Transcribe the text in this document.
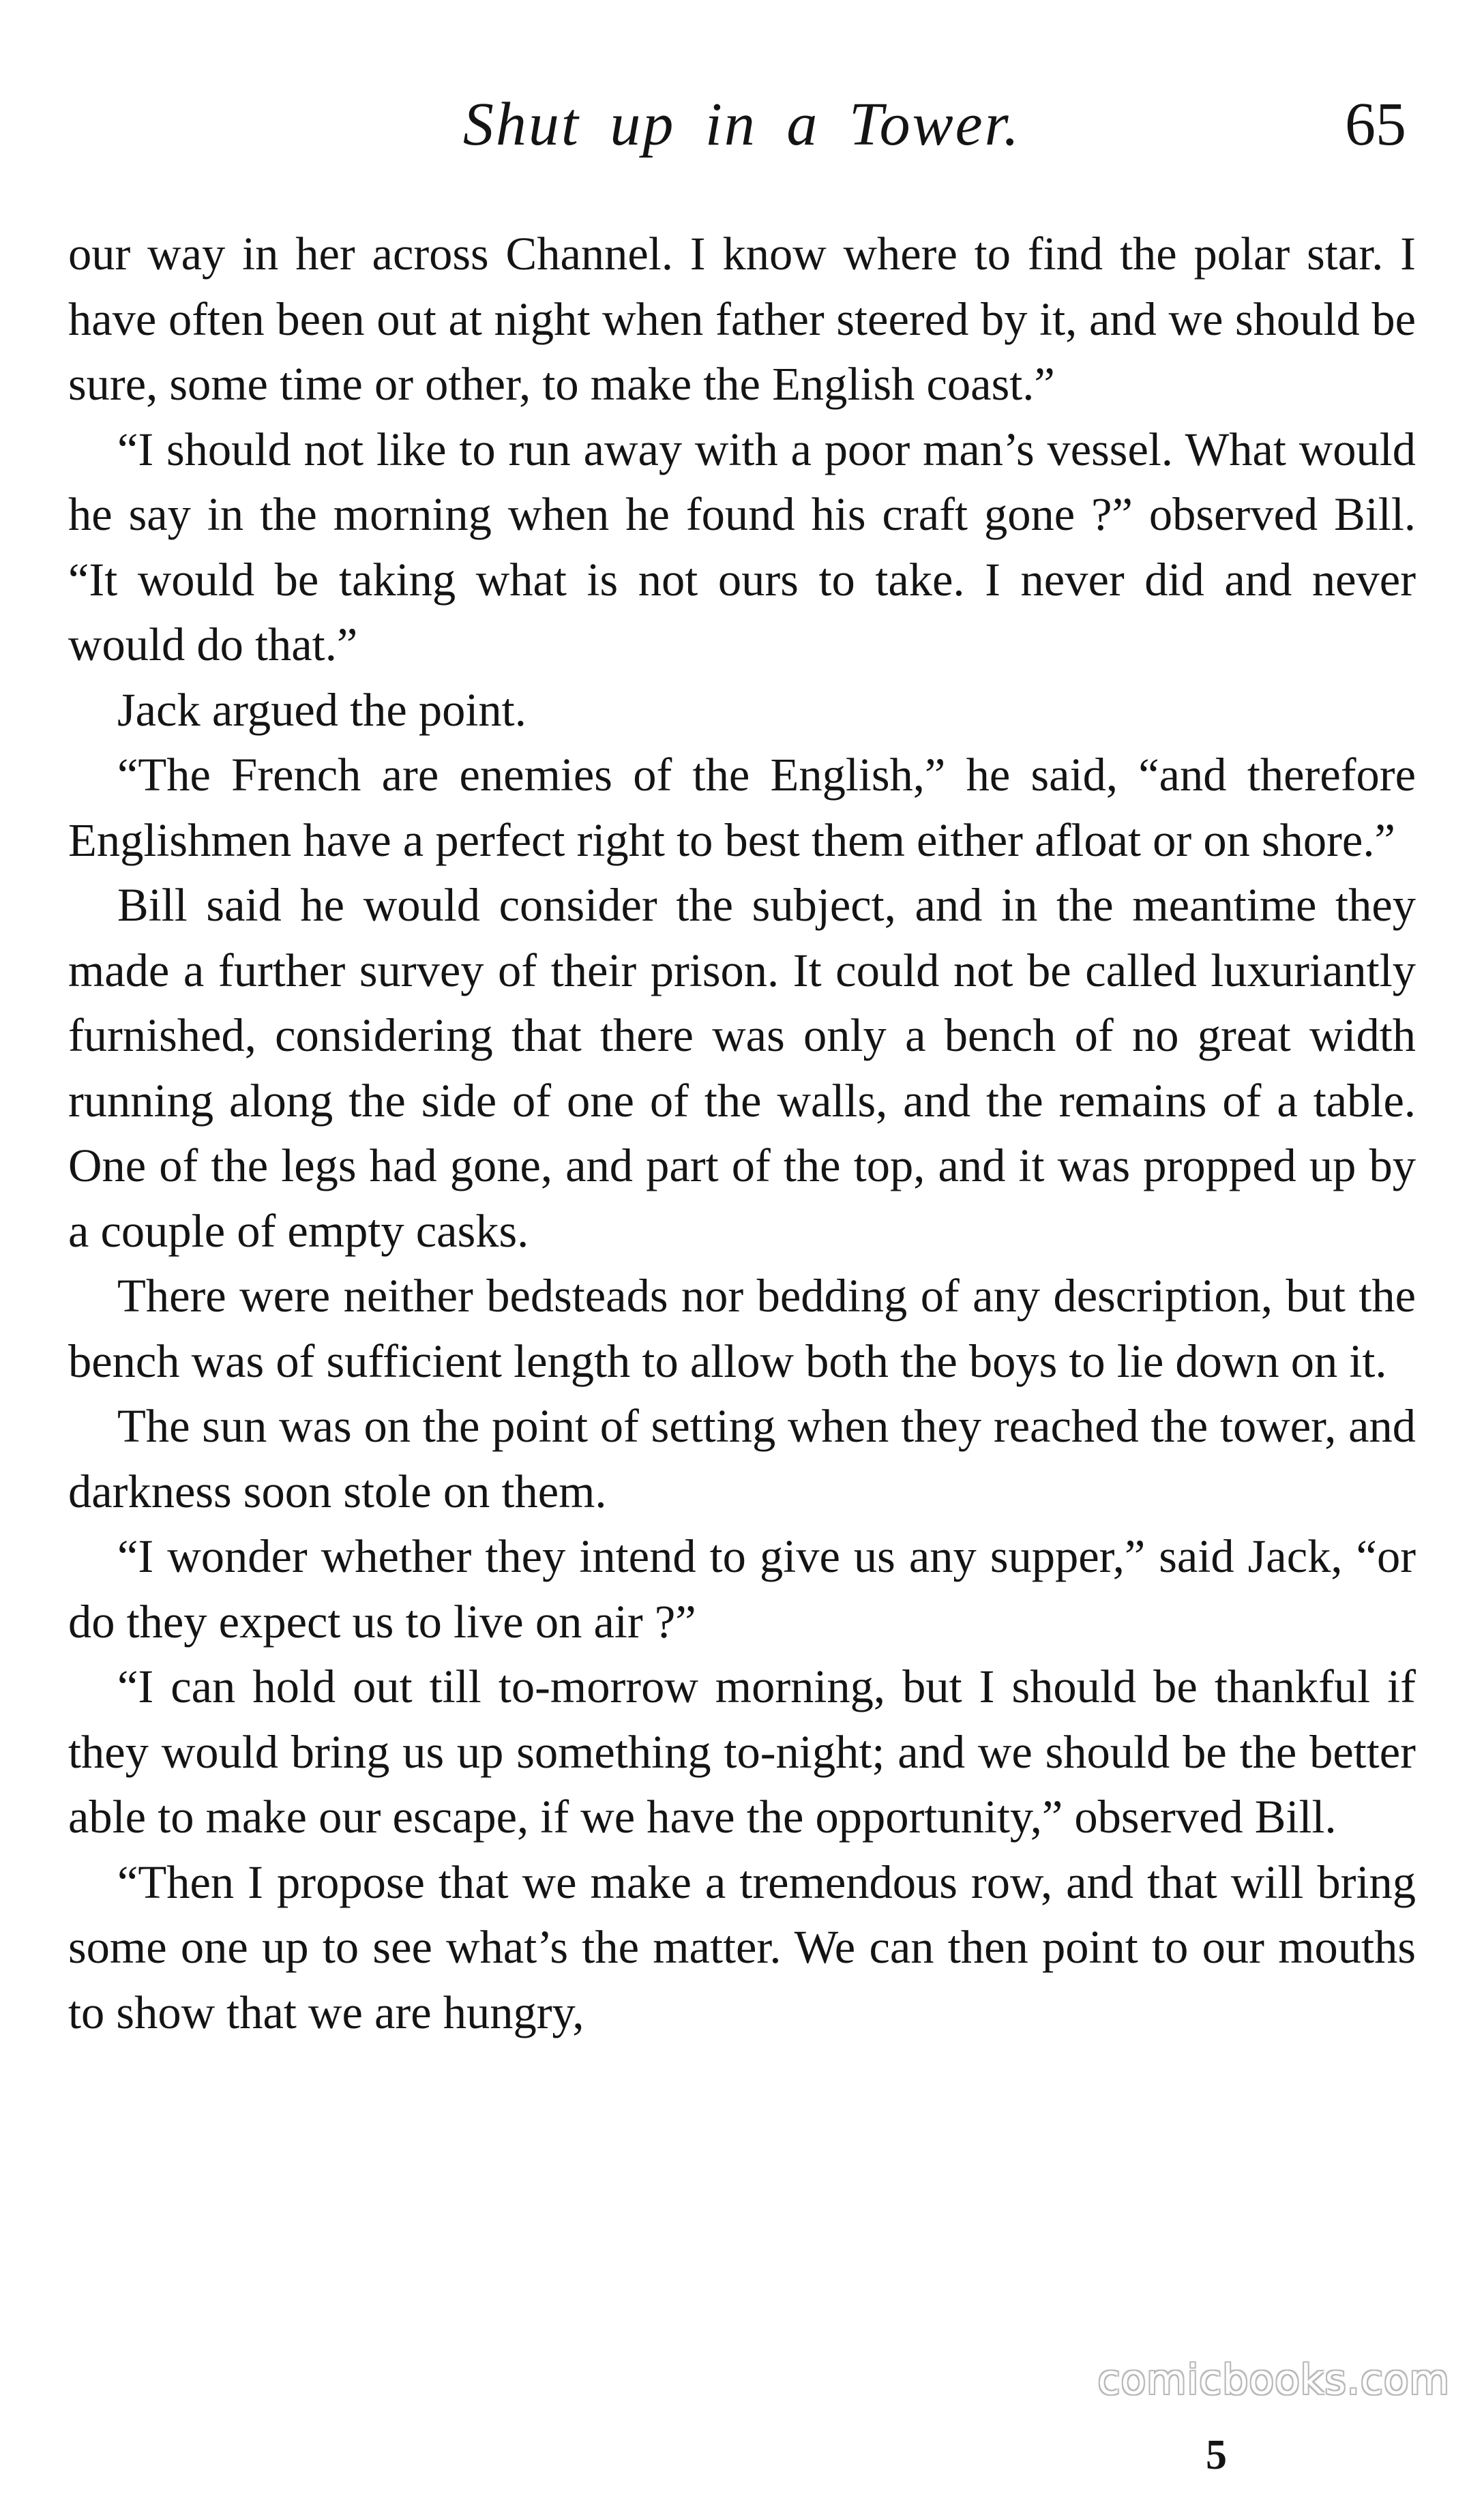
Shut up in a Tower.	65

our way in her across Channel. I know where to find the polar star. I have often been out at night when father steered by it, and we should be sure, some time or other, to make the English coast.”

“I should not like to run away with a poor man’s vessel. What would he say in the morning when he found his craft gone ?” observed Bill. “It would be taking what is not ours to take. I never did and never would do that.”

Jack argued the point.

“The French are enemies of the English,” he said, “and therefore Englishmen have a perfect right to best them either afloat or on shore.”

Bill said he would consider the subject, and in the meantime they made a further survey of their prison. It could not be called luxuriantly furnished, considering that there was only a bench of no great width running along the side of one of the walls, and the remains of a table. One of the legs had gone, and part of the top, and it was propped up by a couple of empty casks.

There were neither bedsteads nor bedding of any description, but the bench was of sufficient length to allow both the boys to lie down on it.

The sun was on the point of setting when they reached the tower, and darkness soon stole on them.

“I wonder whether they intend to give us any supper,” said Jack, “or do they expect us to live on air ?”

“I can hold out till to-morrow morning, but I should be thankful if they would bring us up something to-night; and we should be the better able to make our escape, if we have the opportunity,” observed Bill.

“Then I propose that we make a tremendous row, and that will bring some one up to see what’s the matter. We can then point to our mouths to show that we are hungry,

comicbooks.com
5
